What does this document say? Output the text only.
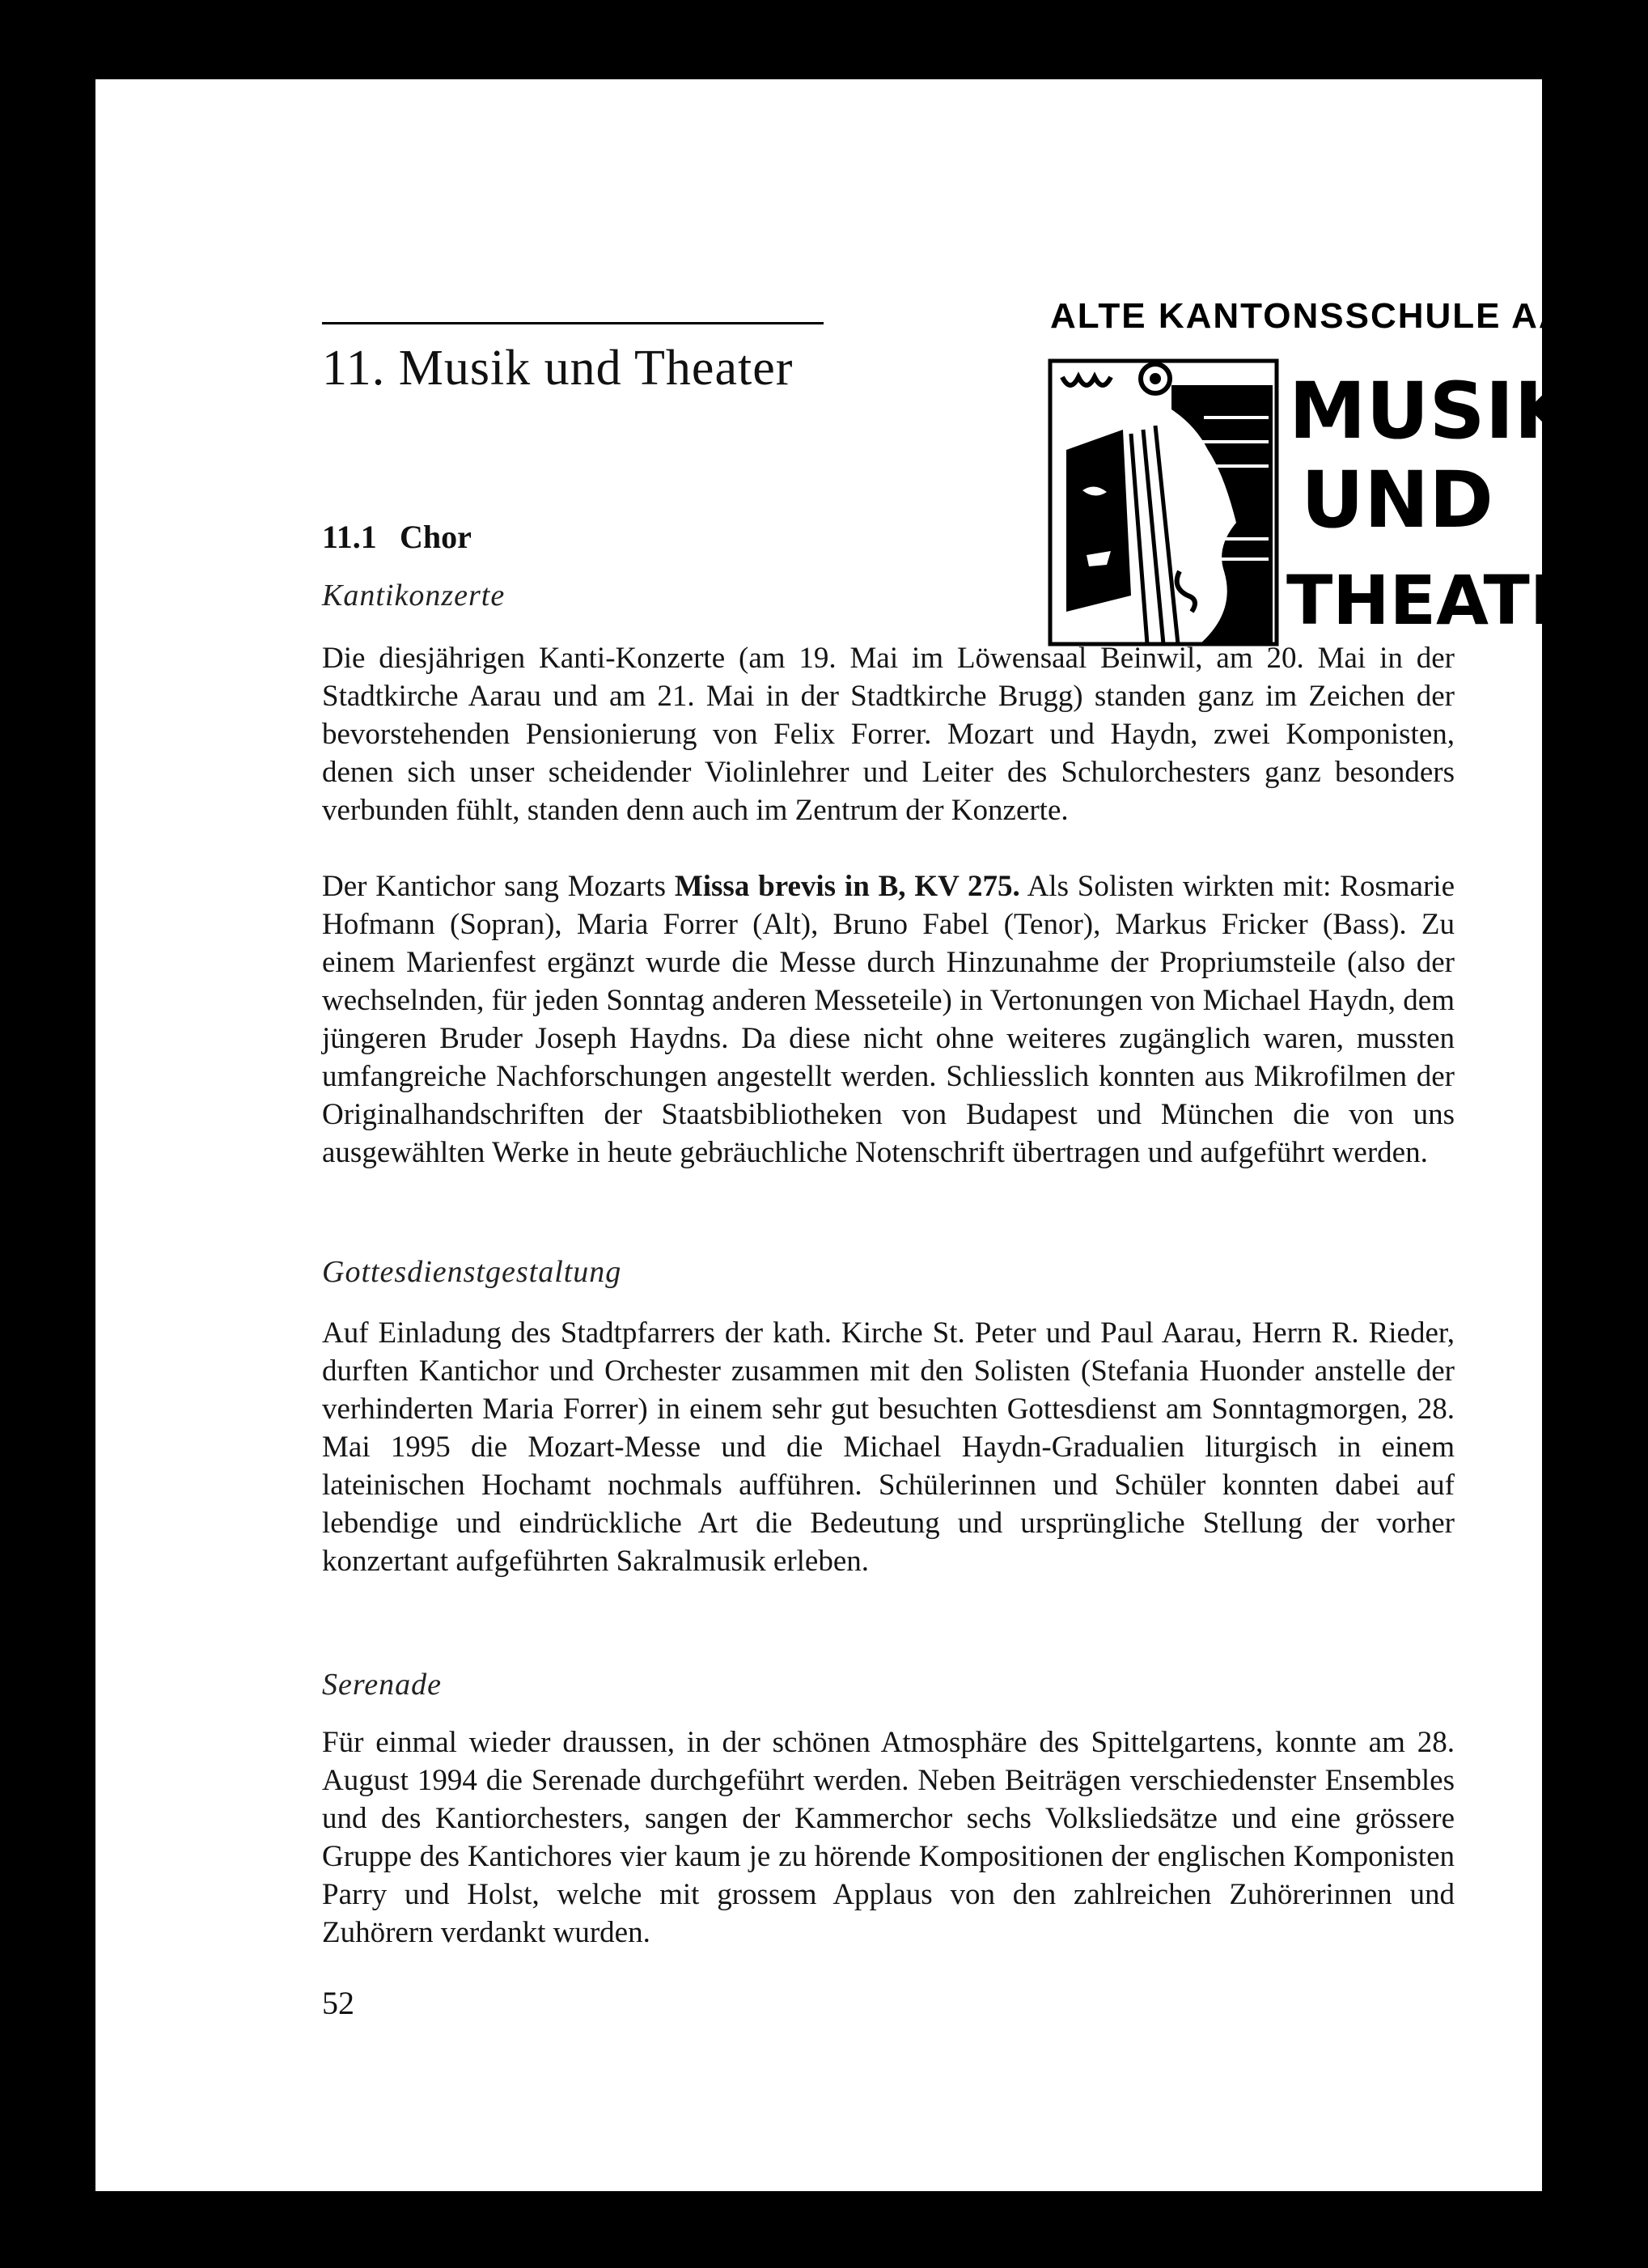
ALTE KANTONSSCHULE AARAU
MUSIK
UND
THEATER
11. Musik und Theater
11.1 Chor
Kantikonzerte

Die diesjährigen Kanti-Konzerte (am 19. Mai im Löwensaal Beinwil, am 20. Mai in der Stadtkirche Aarau und am 21. Mai in der Stadtkirche Brugg) standen ganz im Zeichen der bevorstehenden Pensionierung von Felix Forrer. Mozart und Haydn, zwei Komponisten, denen sich unser scheidender Violinlehrer und Leiter des Schulorchesters ganz besonders verbunden fühlt, standen denn auch im Zentrum der Konzerte.

Der Kantichor sang Mozarts Missa brevis in B, KV 275. Als Solisten wirkten mit: Rosmarie Hofmann (Sopran), Maria Forrer (Alt), Bruno Fabel (Tenor), Markus Fricker (Bass). Zu einem Marienfest ergänzt wurde die Messe durch Hinzunahme der Propriumsteile (also der wechselnden, für jeden Sonntag anderen Messeteile) in Vertonungen von Michael Haydn, dem jüngeren Bruder Joseph Haydns. Da diese nicht ohne weiteres zugänglich waren, mussten umfangreiche Nachforschungen angestellt werden. Schliesslich konnten aus Mikrofilmen der Originalhandschriften der Staatsbibliotheken von Budapest und München die von uns ausgewählten Werke in heute gebräuchliche Notenschrift übertragen und aufgeführt werden.

Gottesdienstgestaltung

Auf Einladung des Stadtpfarrers der kath. Kirche St. Peter und Paul Aarau, Herrn R. Rieder, durften Kantichor und Orchester zusammen mit den Solisten (Stefania Huonder anstelle der verhinderten Maria Forrer) in einem sehr gut besuchten Gottesdienst am Sonntagmorgen, 28. Mai 1995 die Mozart-Messe und die Michael Haydn-Gradualien liturgisch in einem lateinischen Hochamt nochmals aufführen. Schülerinnen und Schüler konnten dabei auf lebendige und eindrückliche Art die Bedeutung und ursprüngliche Stellung der vorher konzertant aufgeführten Sakralmusik erleben.

Serenade

Für einmal wieder draussen, in der schönen Atmosphäre des Spittelgartens, konnte am 28. August 1994 die Serenade durchgeführt werden. Neben Beiträgen verschiedenster Ensembles und des Kantiorchesters, sangen der Kammerchor sechs Volksliedsätze und eine grössere Gruppe des Kantichores vier kaum je zu hörende Kompositionen der englischen Komponisten Parry und Holst, welche mit grossem Applaus von den zahlreichen Zuhörerinnen und Zuhörern verdankt wurden.

52
